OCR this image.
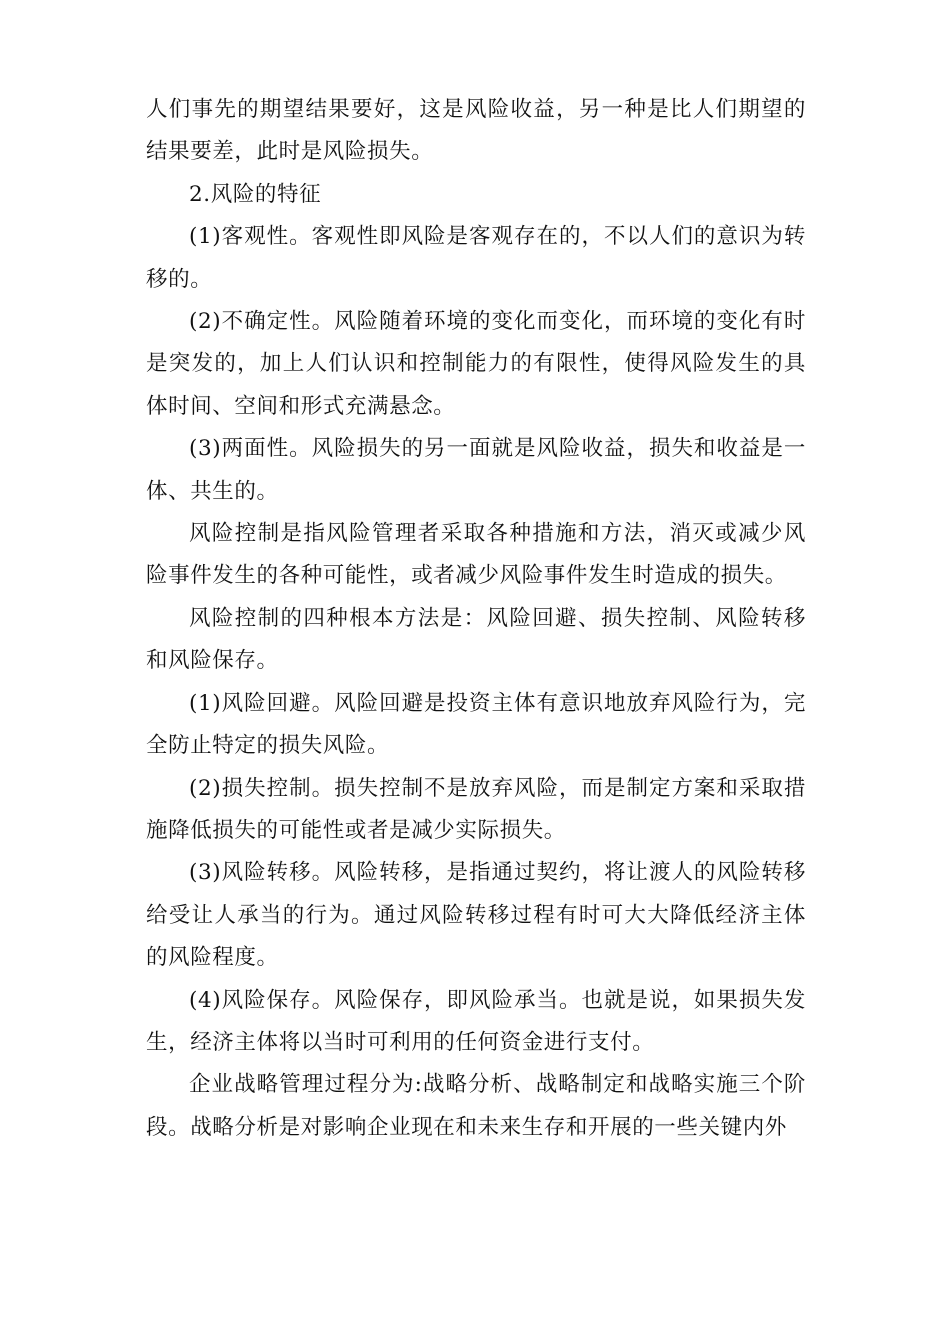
人们事先的期望结果要好，这是风险收益，另一种是比人们期望的结果要差，此时是风险损失。

2.风险的特征

(1)客观性。客观性即风险是客观存在的，不以人们的意识为转移的。

(2)不确定性。风险随着环境的变化而变化，而环境的变化有时是突发的，加上人们认识和控制能力的有限性，使得风险发生的具体时间、空间和形式充满悬念。

(3)两面性。风险损失的另一面就是风险收益，损失和收益是一体、共生的。

风险控制是指风险管理者采取各种措施和方法，消灭或减少风险事件发生的各种可能性，或者减少风险事件发生时造成的损失。

风险控制的四种根本方法是：风险回避、损失控制、风险转移和风险保存。

(1)风险回避。风险回避是投资主体有意识地放弃风险行为，完全防止特定的损失风险。

(2)损失控制。损失控制不是放弃风险，而是制定方案和采取措施降低损失的可能性或者是减少实际损失。

(3)风险转移。风险转移，是指通过契约，将让渡人的风险转移给受让人承当的行为。通过风险转移过程有时可大大降低经济主体的风险程度。

(4)风险保存。风险保存，即风险承当。也就是说，如果损失发生，经济主体将以当时可利用的任何资金进行支付。

企业战略管理过程分为:战略分析、战略制定和战略实施三个阶段。战略分析是对影响企业现在和未来生存和开展的一些关键内外
